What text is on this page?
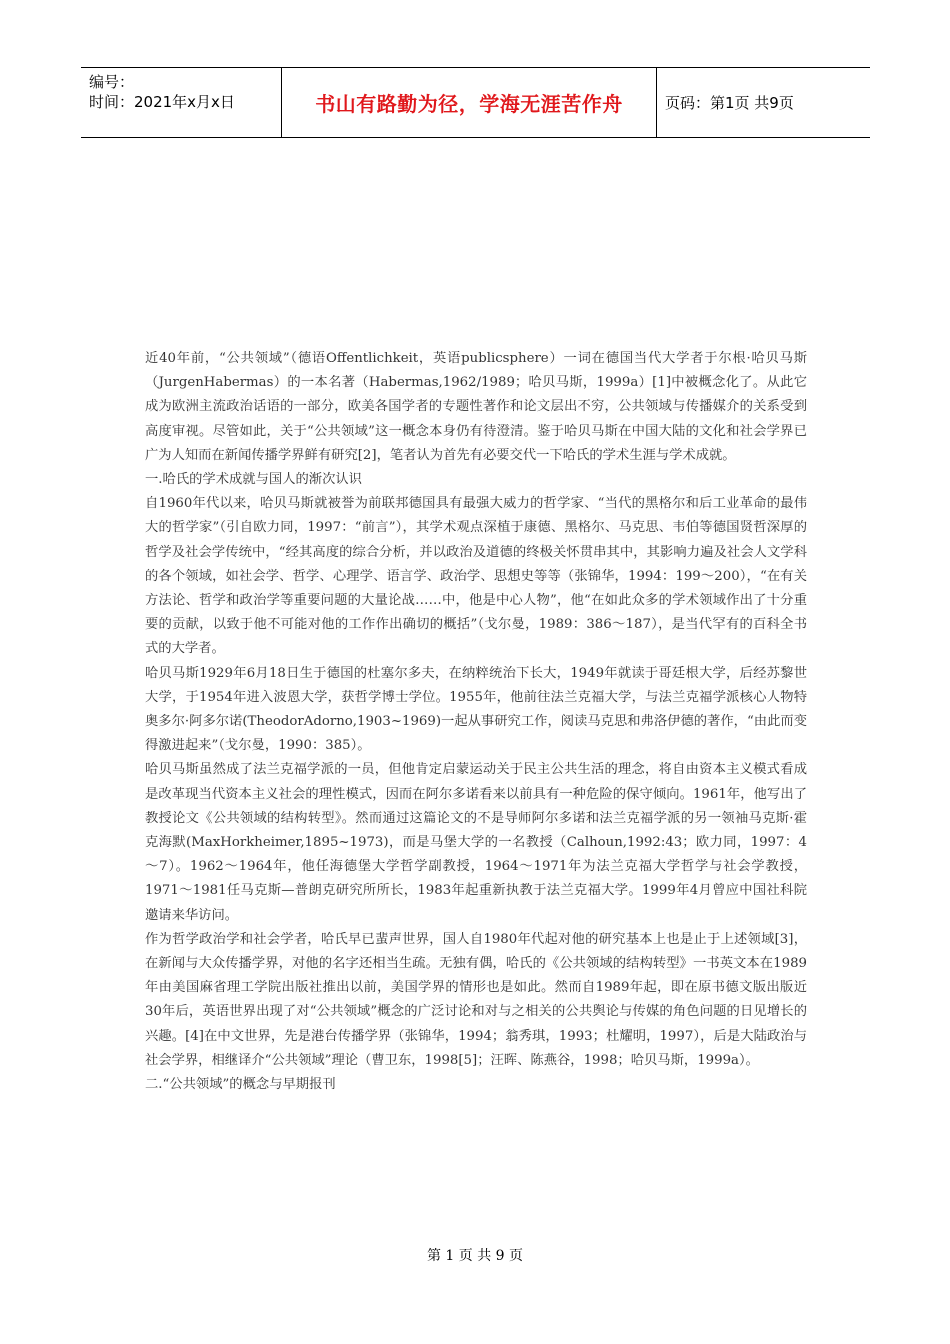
编号：
时间：2021年x月x日	书山有路勤为径，学海无涯苦作舟	页码：第1页 共9页

近40年前，“公共领域”（德语Offentlichkeit，英语publicsphere）一词在德国当代大学者于尔根·哈贝马斯（JurgenHabermas）的一本名著（Habermas,1962/1989；哈贝马斯，1999a）[1]中被概念化了。从此它成为欧洲主流政治话语的一部分，欧美各国学者的专题性著作和论文层出不穷，公共领域与传播媒介的关系受到高度审视。尽管如此，关于“公共领域”这一概念本身仍有待澄清。鉴于哈贝马斯在中国大陆的文化和社会学界已广为人知而在新闻传播学界鲜有研究[2]，笔者认为首先有必要交代一下哈氏的学术生涯与学术成就。

一.哈氏的学术成就与国人的渐次认识

自1960年代以来，哈贝马斯就被誉为前联邦德国具有最强大威力的哲学家、“当代的黑格尔和后工业革命的最伟大的哲学家”（引自欧力同，1997：“前言”），其学术观点深植于康德、黑格尔、马克思、韦伯等德国贤哲深厚的哲学及社会学传统中，“经其高度的综合分析，并以政治及道德的终极关怀贯串其中，其影响力遍及社会人文学科的各个领域，如社会学、哲学、心理学、语言学、政治学、思想史等等（张锦华，1994：199～200），“在有关方法论、哲学和政治学等重要问题的大量论战……中，他是中心人物”，他“在如此众多的学术领域作出了十分重要的贡献，以致于他不可能对他的工作作出确切的概括”（戈尔曼，1989：386～187），是当代罕有的百科全书式的大学者。

哈贝马斯1929年6月18日生于德国的杜塞尔多夫，在纳粹统治下长大，1949年就读于哥廷根大学，后经苏黎世大学，于1954年进入波恩大学，获哲学博士学位。1955年，他前往法兰克福大学，与法兰克福学派核心人物特奥多尔·阿多尔诺(TheodorAdorno,1903~1969)一起从事研究工作，阅读马克思和弗洛伊德的著作，“由此而变得激进起来”（戈尔曼，1990：385）。

哈贝马斯虽然成了法兰克福学派的一员，但他肯定启蒙运动关于民主公共生活的理念，将自由资本主义模式看成是改革现当代资本主义社会的理性模式，因而在阿尔多诺看来以前具有一种危险的保守倾向。1961年，他写出了教授论文《公共领域的结构转型》。然而通过这篇论文的不是导师阿尔多诺和法兰克福学派的另一领袖马克斯·霍克海默(MaxHorkheimer,1895~1973)，而是马堡大学的一名教授（Calhoun,1992:43；欧力同，1997：4～7）。1962～1964年，他任海德堡大学哲学副教授，1964～1971年为法兰克福大学哲学与社会学教授，1971～1981任马克斯—普朗克研究所所长，1983年起重新执教于法兰克福大学。1999年4月曾应中国社科院邀请来华访问。

作为哲学政治学和社会学者，哈氏早已蜚声世界，国人自1980年代起对他的研究基本上也是止于上述领域[3]，在新闻与大众传播学界，对他的名字还相当生疏。无独有偶，哈氏的《公共领域的结构转型》一书英文本在1989年由美国麻省理工学院出版社推出以前，美国学界的情形也是如此。然而自1989年起，即在原书德文版出版近30年后，英语世界出现了对“公共领域”概念的广泛讨论和对与之相关的公共舆论与传媒的角色问题的日见增长的兴趣。[4]在中文世界，先是港台传播学界（张锦华，1994；翁秀琪，1993；杜耀明，1997），后是大陆政治与社会学界，相继译介“公共领域”理论（曹卫东，1998[5]；汪晖、陈燕谷，1998；哈贝马斯，1999a）。

二.“公共领域”的概念与早期报刊

第 1 页 共 9 页
